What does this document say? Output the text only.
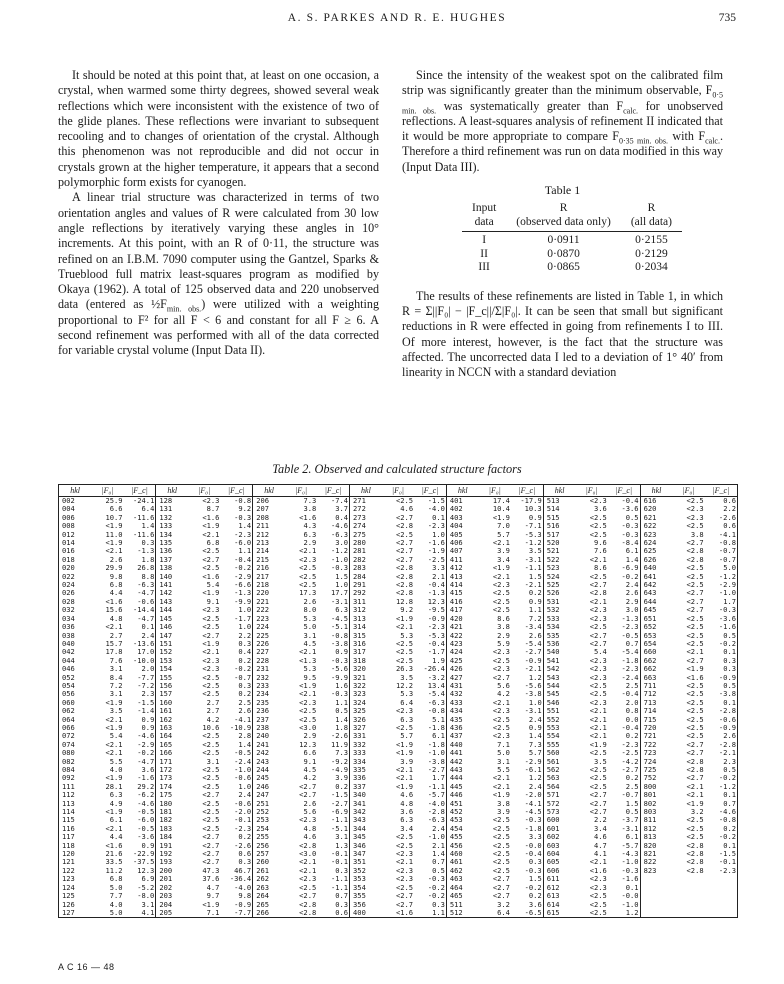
A. S. PARKES AND R. E. HUGHES	735

It should be noted at this point that, at least on one occasion, a crystal, when warmed some thirty degrees, showed several weak reflections which were inconsistent with the existence of two of the glide planes. These reflections were invariant to subsequent recooling and to changes of orientation of the crystal. Although this phenomenon was not reproducible and did not occur in crystals grown at the higher temperature, it appears that a second polymorphic form exists for cyanogen.

A linear trial structure was characterized in terms of two orientation angles and values of R were calculated from 30 low angle reflections by iteratively varying these angles in 10° increments. At this point, with an R of 0·11, the structure was refined on an I.B.M. 7090 computer using the Gantzel, Sparks & Trueblood full matrix least-squares program as modified by Okaya (1962). A total of 125 observed data and 220 unobserved data (entered as $\frac{1}{2}F_{min. obs.}$) were utilized with a weighting proportional to F² for all F < 6 and constant for all F ≥ 6. A second refinement was performed with all of the data corrected for variable crystal volume (Input Data II).

Since the intensity of the weakest spot on the calibrated film strip was significantly greater than the minimum observable, $F_{0\cdot 5 min. obs.}$ was systematically greater than $F_{calc.}$ for unobserved reflections. A least-squares analysis of refinement II indicated that it would be more appropriate to compare $F_{0\cdot 35 min. obs.}$ with $F_{calc.}$. Therefore a third refinement was run on data modified in this way (Input Data III).

Table 1
Input	R	R
data	(observed data only)	(all data)
I	0·0911	0·2155
II	0·0870	0·2129
III	0·0865	0·2034

The results of these refinements are listed in Table 1, in which R = Σ||F₀| − |F_c||/Σ|F₀|. It can be seen that small but significant reductions in R were effected in going from refinements I to III. Of more interest, however, is the fact that the structure was affected. The uncorrected data I led to a deviation of 1° 40′ from linearity in NCCN with a standard deviation

Table 2. Observed and calculated structure factors
hkl	|F₀|	|F_c|	hkl	|F₀|	|F_c|	hkl	|F₀|	|F_c|	hkl	|F₀|	|F_c|	hkl	|F₀|	|F_c|	hkl	|F₀|	|F_c|	hkl	|F₀|	|F_c|
002	25.9	-24.1	128	<2.3	-0.8	206	7.3	-7.4	271	<2.5	-1.5	401	17.4	-17.9	513	<2.3	-0.4	616	<2.5	0.6
004	6.6	6.4	131	8.7	9.2	207	3.8	3.7	272	4.6	-4.0	402	10.4	10.3	514	3.6	-3.6	620	<2.3	2.2
006	10.7	-11.6	132	<1.6	-0.3	208	<1.6	0.4	273	<2.7	0.1	403	<1.9	0.9	515	<2.5	0.5	621	<2.3	-2.6
008	<1.9	1.4	133	<1.9	1.4	211	4.3	-4.6	274	<2.8	-2.3	404	7.0	-7.1	516	<2.5	-0.3	622	<2.5	0.6
012	11.0	-11.6	134	<2.1	-2.3	212	6.3	-6.3	275	<2.5	1.0	405	5.7	-5.3	517	<2.5	-0.3	623	3.8	-4.1
014	<1.9	0.3	135	6.8	-6.0	213	2.9	3.0	280	<2.7	-1.6	406	<2.1	-1.2	520	9.6	-8.4	624	<2.7	-0.8
016	<2.1	-1.3	136	<2.5	1.1	214	<2.1	-1.2	281	<2.7	-1.9	407	3.9	3.5	521	7.6	6.1	625	<2.8	-0.7
018	2.6	1.8	137	<2.7	-0.4	215	<2.3	-1.0	282	<2.7	-2.5	411	3.4	-3.1	522	<2.1	1.4	626	<2.8	-0.7
020	29.9	26.8	138	<2.5	-0.2	216	<2.5	-0.3	283	<2.8	3.3	412	<1.9	-1.1	523	8.6	-6.9	640	<2.5	5.0
022	9.8	8.8	140	<1.6	-2.9	217	<2.5	1.5	284	<2.8	2.1	413	<2.1	1.5	524	<2.5	-0.2	641	<2.5	-1.2
024	6.8	-6.3	141	5.4	-6.6	218	<2.5	1.0	291	<2.8	-0.4	414	<2.3	-2.1	525	<2.7	2.4	642	<2.5	-2.9
026	4.4	-4.7	142	<1.9	-1.3	220	17.3	17.7	292	<2.8	-1.3	415	<2.5	0.2	526	<2.8	2.6	643	<2.7	-1.0
028	<1.6	-0.6	143	9.1	-9.9	221	2.6	-3.1	311	12.8	12.3	416	<2.5	0.9	531	<2.1	2.9	644	<2.7	1.7
032	15.6	-14.4	144	<2.3	1.0	222	8.0	6.3	312	9.2	-9.5	417	<2.5	1.1	532	<2.3	3.0	645	<2.7	-0.3
034	4.8	-4.7	145	<2.5	-1.7	223	5.3	-4.5	313	<1.9	-0.9	420	8.6	7.2	533	<2.3	-1.3	651	<2.5	-3.6
036	<2.1	0.1	146	<2.5	1.0	224	5.0	-5.1	314	<2.1	-2.3	421	3.8	-3.4	534	<2.5	-2.3	652	<2.5	-1.6
038	2.7	2.4	147	<2.7	2.2	225	3.1	-0.8	315	5.3	-5.3	422	2.9	2.6	535	<2.7	-0.5	653	<2.5	0.5
040	15.7	-13.6	151	<1.9	0.3	226	4.5	-3.8	316	<2.5	-0.4	423	5.9	-5.4	536	<2.7	0.7	654	<2.5	-0.2
042	17.8	17.0	152	<2.1	0.4	227	<2.1	0.9	317	<2.5	-1.7	424	<2.3	-2.7	540	5.4	-5.4	660	<2.1	0.1
044	7.6	-10.0	153	<2.3	0.2	228	<1.3	-0.3	318	<2.5	1.9	425	<2.5	-0.9	541	<2.3	-1.8	662	<2.7	0.3
046	3.1	2.0	154	<2.3	-0.2	231	5.3	-5.6	320	26.3	-26.4	426	<2.3	-2.1	542	<2.3	-2.3	662	<1.9	0.3
052	8.4	-7.7	155	<2.5	-0.7	232	9.5	-9.9	321	3.5	-3.2	427	<2.7	1.2	543	<2.3	-2.4	663	<1.6	-0.9
054	7.2	-7.2	156	<2.5	0.3	233	<1.9	1.6	322	12.2	13.4	431	5.6	-5.6	544	<2.5	2.5	711	<2.5	0.5
056	3.1	2.3	157	<2.5	0.2	234	<2.1	-0.3	323	5.3	-5.4	432	4.2	-3.8	545	<2.5	-0.4	712	<2.5	-3.8
060	<1.9	-1.5	160	2.7	2.5	235	<2.3	1.1	324	6.4	-6.3	433	<2.1	1.0	546	<2.3	2.0	713	<2.5	0.1
062	3.5	-1.4	161	2.7	2.6	236	<2.5	0.5	325	<2.3	-0.8	434	<2.3	-3.1	551	<2.1	0.8	714	<2.5	-2.8
064	<2.1	0.9	162	4.2	-4.1	237	<2.5	1.4	326	6.3	5.1	435	<2.5	2.4	552	<2.1	0.0	715	<2.5	-0.6
066	<1.9	0.9	163	10.6	-10.9	238	<3.0	1.8	327	<2.5	-1.8	436	<2.5	0.9	553	<2.1	-0.4	720	<2.5	-0.9
072	5.4	-4.6	164	<2.5	2.8	240	2.9	-2.6	331	5.7	6.1	437	<2.3	1.4	554	<2.1	0.2	721	<2.5	2.6
074	<2.1	-2.9	165	<2.5	1.4	241	12.3	11.9	332	<1.9	-1.8	440	7.1	7.3	555	<1.9	-2.3	722	<2.7	-2.8
080	<2.1	-0.2	166	<2.5	-0.5	242	6.6	7.3	333	<1.9	-1.0	441	5.0	5.7	560	<2.5	-2.5	723	<2.7	-2.1
082	5.5	-4.7	171	3.1	-2.4	243	9.1	-9.2	334	3.9	-3.8	442	3.1	-2.9	561	3.5	-4.2	724	<2.8	2.3
084	4.0	3.6	172	<2.5	-1.0	244	4.5	-4.9	335	<2.1	-2.7	443	5.5	-6.1	562	<2.5	-2.7	725	<2.8	0.5
092	<1.9	-1.6	173	<2.5	-0.6	245	4.2	3.9	336	<2.1	1.7	444	<2.1	1.2	563	<2.5	0.2	752	<2.7	-0.2
111	28.1	29.2	174	<2.5	1.0	246	<2.7	0.2	337	<1.9	-1.1	445	<2.1	2.4	564	<2.5	2.5	800	<2.1	-1.2
112	6.3	-6.2	175	<2.7	2.4	247	<2.7	-1.5	340	4.6	-5.7	446	<1.9	-2.0	571	<2.7	-0.7	801	<2.1	0.1
113	4.9	-4.6	180	<2.5	-0.6	251	2.6	-2.7	341	4.8	-4.0	451	3.8	-4.1	572	<2.7	1.5	802	<1.9	0.7
114	<1.9	-0.5	181	<2.5	-2.0	252	5.6	-6.9	342	3.6	-2.8	452	3.9	-4.5	573	<2.7	0.5	803	3.2	-4.6
115	6.1	-6.0	182	<2.5	-0.1	253	<2.3	-1.1	343	6.3	-6.3	453	<2.5	-0.3	600	2.2	-3.7	811	<2.5	-0.8
116	<2.1	-0.5	183	<2.5	-2.3	254	4.8	-5.1	344	3.4	2.4	454	<2.5	-1.8	601	3.4	-3.1	812	<2.5	0.2
117	4.4	-3.6	184	<2.7	0.2	255	4.6	3.1	345	<2.5	-1.0	455	<2.5	3.3	602	4.6	6.1	813	<2.5	-0.2
118	<1.6	0.9	191	<2.7	-2.6	256	<2.8	1.3	346	<2.5	2.1	456	<2.5	-0.0	603	4.7	-5.7	820	<2.8	0.1
120	21.6	-22.9	192	<2.7	0.6	257	<3.0	-0.1	347	<2.3	1.4	460	<2.5	-0.4	604	4.1	-4.3	821	<2.8	-1.5
121	33.5	-37.5	193	<2.7	0.3	260	<2.1	-0.1	351	<2.1	0.7	461	<2.5	0.3	605	<2.1	-1.0	822	<2.8	-0.1
122	11.2	12.3	200	47.3	46.7	261	<2.1	0.3	352	<2.3	0.5	462	<2.5	-0.3	606	<1.6	-0.3	823	<2.8	-2.3
123	6.8	6.9	201	37.6	-36.4	262	<2.3	-1.1	353	<2.3	-0.3	463	<2.7	1.5	611	<2.3	-1.6			
124	5.0	-5.2	202	4.7	-4.0	263	<2.5	-1.1	354	<2.5	-0.2	464	<2.7	-0.2	612	<2.3	0.1			
125	7.7	-8.0	203	9.7	9.8	264	<2.7	0.7	355	<2.7	-0.2	465	<2.7	0.2	613	<2.5	-0.0			
126	4.0	3.1	204	<1.9	-0.9	265	<2.8	0.3	356	<2.7	0.3	511	3.2	3.6	614	<2.5	-1.0			
127	5.0	4.1	205	7.1	-7.7	266	<2.8	0.6	400	<1.6	1.1	512	6.4	-6.5	615	<2.5	1.2			
A C 16 — 48
